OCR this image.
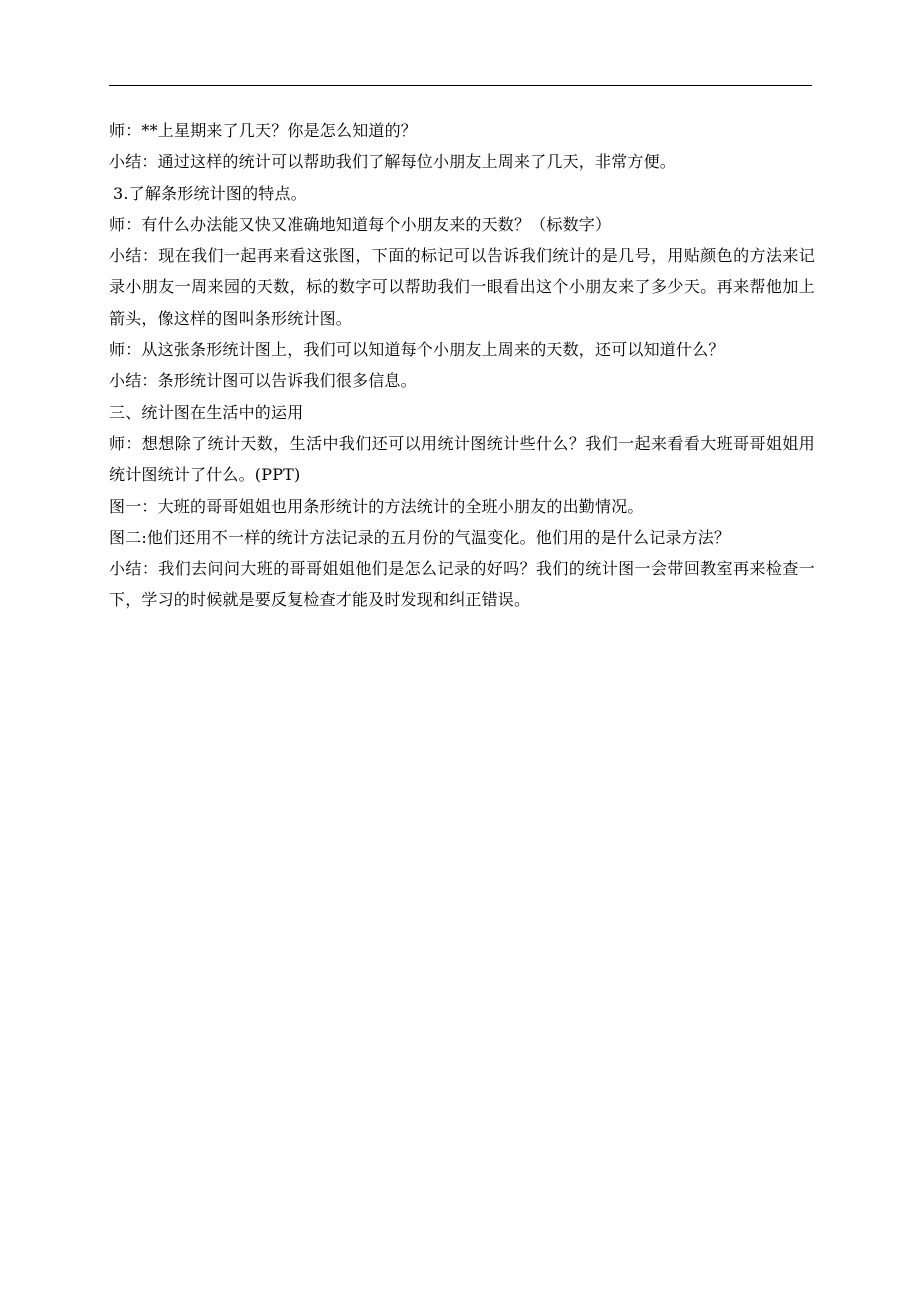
师：**上星期来了几天？你是怎么知道的？

小结：通过这样的统计可以帮助我们了解每位小朋友上周来了几天，非常方便。

3.了解条形统计图的特点。

师：有什么办法能又快又准确地知道每个小朋友来的天数？（标数字）

小结：现在我们一起再来看这张图，下面的标记可以告诉我们统计的是几号，用贴颜色的方法来记录小朋友一周来园的天数，标的数字可以帮助我们一眼看出这个小朋友来了多少天。再来帮他加上箭头，像这样的图叫条形统计图。

师：从这张条形统计图上，我们可以知道每个小朋友上周来的天数，还可以知道什么？

小结：条形统计图可以告诉我们很多信息。

三、统计图在生活中的运用

师：想想除了统计天数，生活中我们还可以用统计图统计些什么？我们一起来看看大班哥哥姐姐用统计图统计了什么。(PPT)

图一：大班的哥哥姐姐也用条形统计的方法统计的全班小朋友的出勤情况。

图二:他们还用不一样的统计方法记录的五月份的气温变化。他们用的是什么记录方法？

小结：我们去问问大班的哥哥姐姐他们是怎么记录的好吗？我们的统计图一会带回教室再来检查一下，学习的时候就是要反复检查才能及时发现和纠正错误。
